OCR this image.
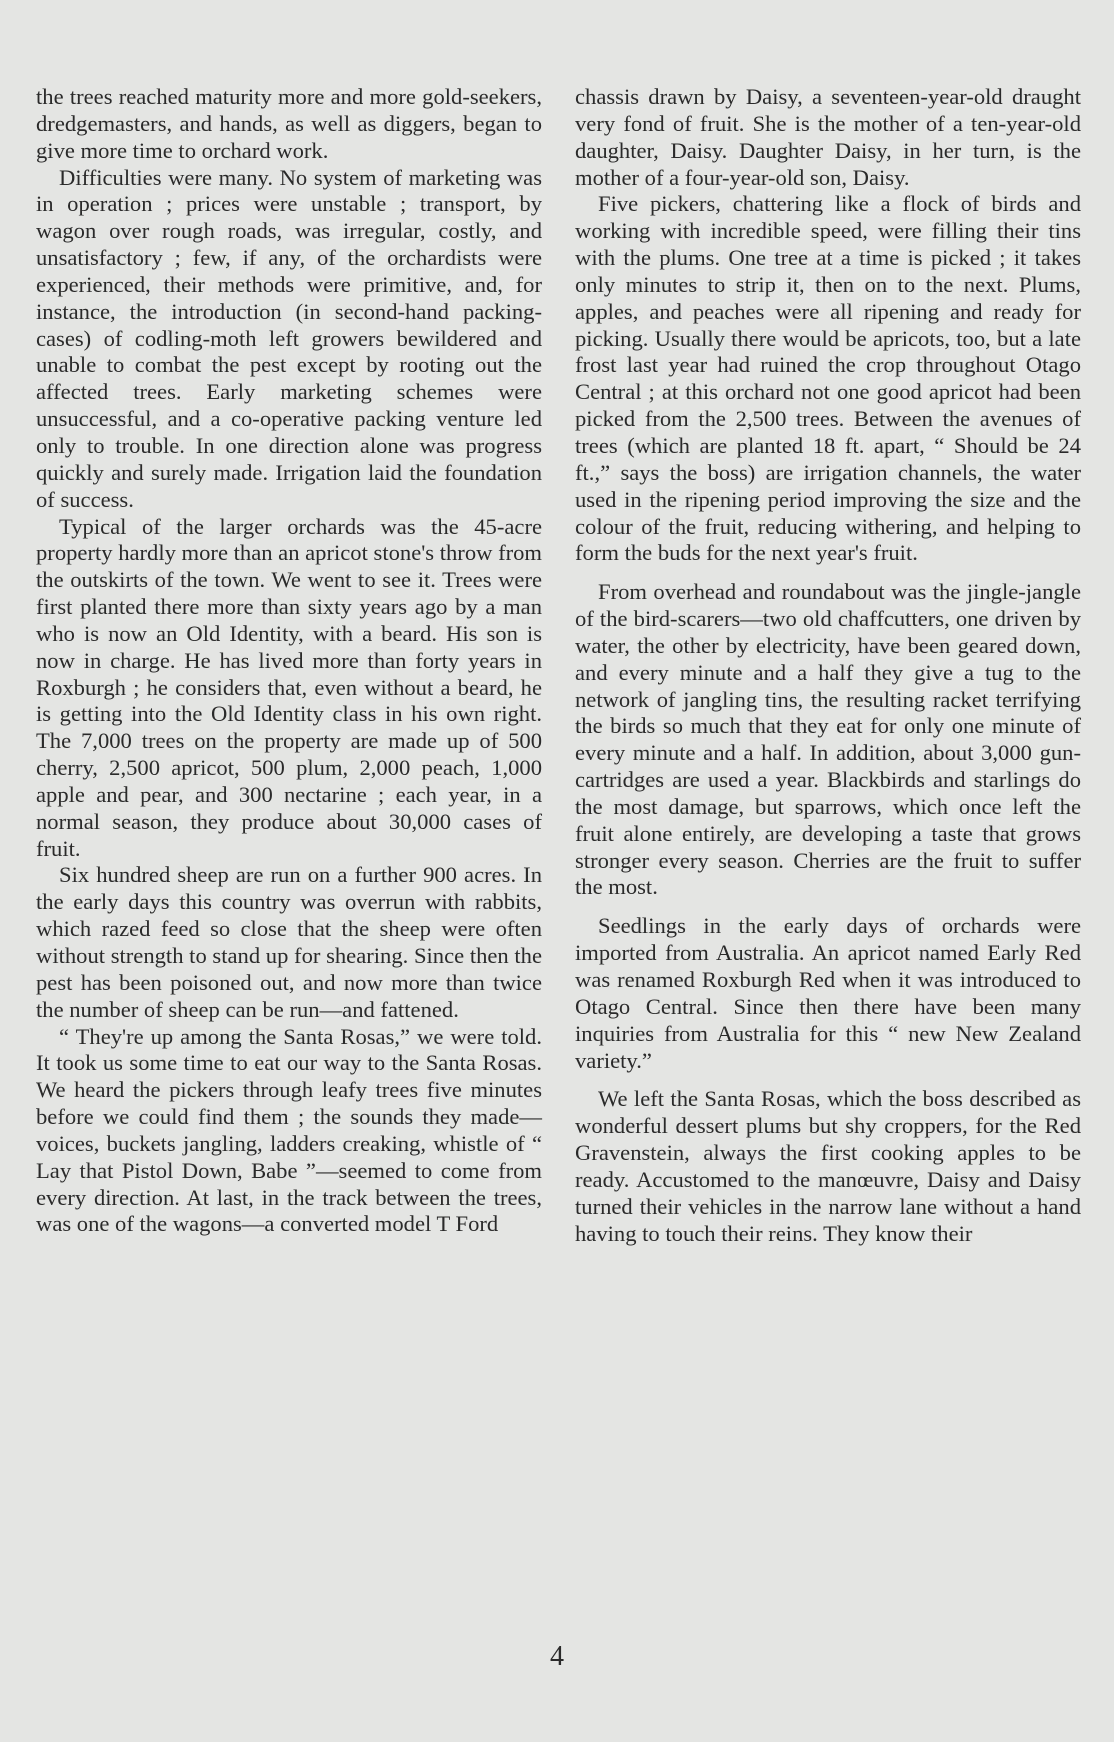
the trees reached maturity more and more gold-seekers, dredgemasters, and hands, as well as diggers, began to give more time to orchard work.

Difficulties were many. No system of marketing was in operation ; prices were unstable ; transport, by wagon over rough roads, was irregular, costly, and unsatisfactory ; few, if any, of the orchardists were experienced, their methods were primitive, and, for instance, the introduction (in second-hand packing-cases) of codling-moth left growers bewildered and unable to combat the pest except by rooting out the affected trees. Early marketing schemes were unsuccessful, and a co-operative packing venture led only to trouble. In one direction alone was progress quickly and surely made. Irrigation laid the foundation of success.

Typical of the larger orchards was the 45-acre property hardly more than an apricot stone's throw from the outskirts of the town. We went to see it. Trees were first planted there more than sixty years ago by a man who is now an Old Identity, with a beard. His son is now in charge. He has lived more than forty years in Roxburgh ; he considers that, even without a beard, he is getting into the Old Identity class in his own right. The 7,000 trees on the property are made up of 500 cherry, 2,500 apricot, 500 plum, 2,000 peach, 1,000 apple and pear, and 300 nectarine ; each year, in a normal season, they produce about 30,000 cases of fruit.

Six hundred sheep are run on a further 900 acres. In the early days this country was overrun with rabbits, which razed feed so close that the sheep were often without strength to stand up for shearing. Since then the pest has been poisoned out, and now more than twice the number of sheep can be run—and fattened.

“ They're up among the Santa Rosas,” we were told. It took us some time to eat our way to the Santa Rosas. We heard the pickers through leafy trees five minutes before we could find them ; the sounds they made—voices, buckets jangling, ladders creaking, whistle of “ Lay that Pistol Down, Babe ”—seemed to come from every direction. At last, in the track between the trees, was one of the wagons—a converted model T Ford

chassis drawn by Daisy, a seventeen-year-old draught very fond of fruit. She is the mother of a ten-year-old daughter, Daisy. Daughter Daisy, in her turn, is the mother of a four-year-old son, Daisy.

Five pickers, chattering like a flock of birds and working with incredible speed, were filling their tins with the plums. One tree at a time is picked ; it takes only minutes to strip it, then on to the next. Plums, apples, and peaches were all ripening and ready for picking. Usually there would be apricots, too, but a late frost last year had ruined the crop throughout Otago Central ; at this orchard not one good apricot had been picked from the 2,500 trees. Between the avenues of trees (which are planted 18 ft. apart, “ Should be 24 ft.,” says the boss) are irrigation channels, the water used in the ripening period improving the size and the colour of the fruit, reducing withering, and helping to form the buds for the next year's fruit.

From overhead and roundabout was the jingle-jangle of the bird-scarers—two old chaffcutters, one driven by water, the other by electricity, have been geared down, and every minute and a half they give a tug to the network of jangling tins, the resulting racket terrifying the birds so much that they eat for only one minute of every minute and a half. In addition, about 3,000 gun-cartridges are used a year. Blackbirds and starlings do the most damage, but sparrows, which once left the fruit alone entirely, are developing a taste that grows stronger every season. Cherries are the fruit to suffer the most.

Seedlings in the early days of orchards were imported from Australia. An apricot named Early Red was renamed Roxburgh Red when it was introduced to Otago Central. Since then there have been many inquiries from Australia for this “ new New Zealand variety.”

We left the Santa Rosas, which the boss described as wonderful dessert plums but shy croppers, for the Red Gravenstein, always the first cooking apples to be ready. Accustomed to the manœuvre, Daisy and Daisy turned their vehicles in the narrow lane without a hand having to touch their reins. They know their

4
